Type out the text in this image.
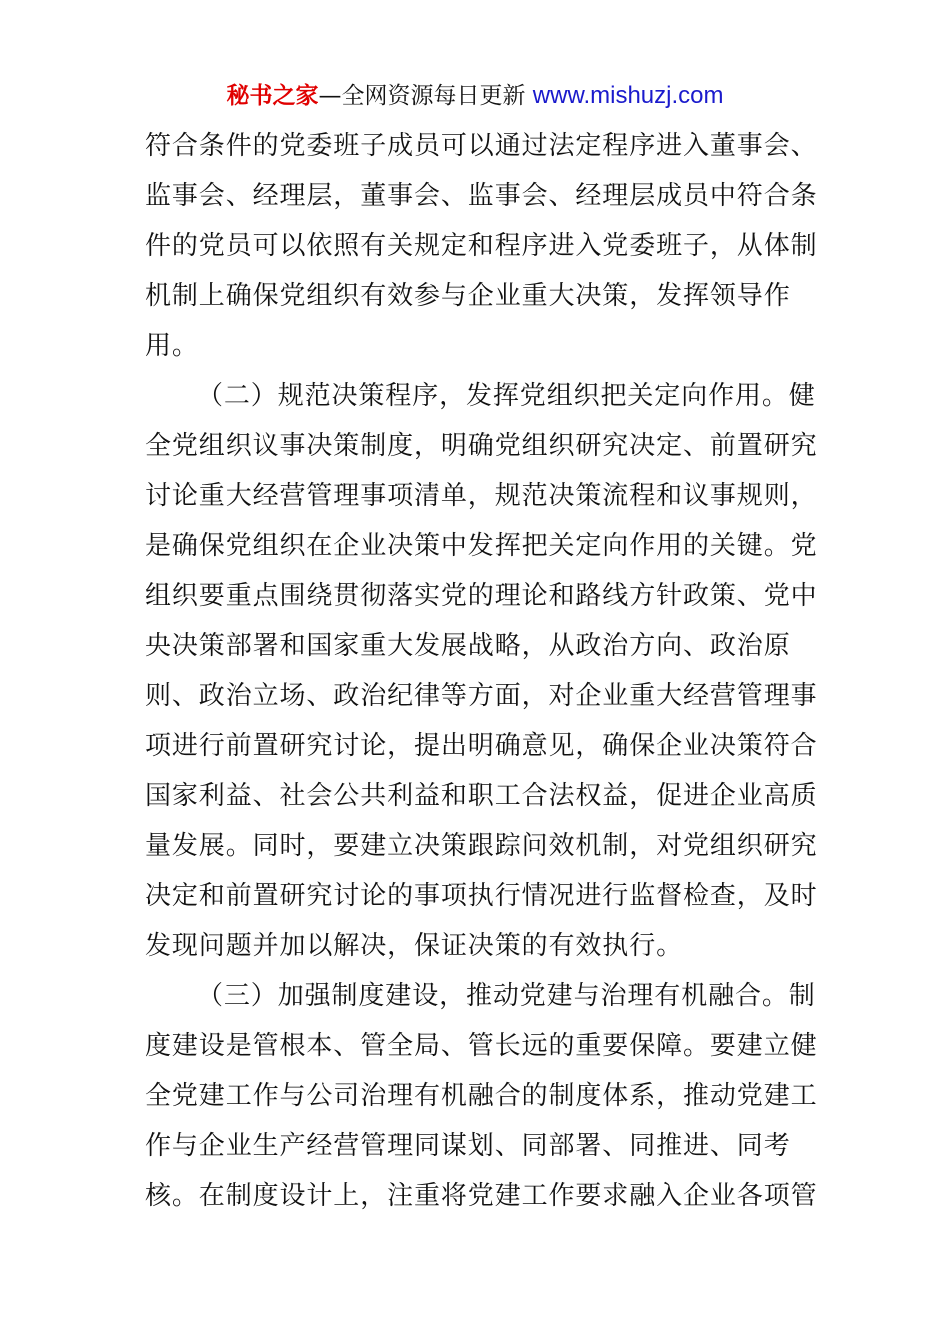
秘书之家—全网资源每日更新 www.mishuzj.com
符合条件的党委班子成员可以通过法定程序进入董事会、
监事会、经理层，董事会、监事会、经理层成员中符合条
件的党员可以依照有关规定和程序进入党委班子，从体制
机制上确保党组织有效参与企业重大决策，发挥领导作
用。
（二）规范决策程序，发挥党组织把关定向作用。健
全党组织议事决策制度，明确党组织研究决定、前置研究
讨论重大经营管理事项清单，规范决策流程和议事规则，
是确保党组织在企业决策中发挥把关定向作用的关键。党
组织要重点围绕贯彻落实党的理论和路线方针政策、党中
央决策部署和国家重大发展战略，从政治方向、政治原
则、政治立场、政治纪律等方面，对企业重大经营管理事
项进行前置研究讨论，提出明确意见，确保企业决策符合
国家利益、社会公共利益和职工合法权益，促进企业高质
量发展。同时，要建立决策跟踪问效机制，对党组织研究
决定和前置研究讨论的事项执行情况进行监督检查，及时
发现问题并加以解决，保证决策的有效执行。
（三）加强制度建设，推动党建与治理有机融合。制
度建设是管根本、管全局、管长远的重要保障。要建立健
全党建工作与公司治理有机融合的制度体系，推动党建工
作与企业生产经营管理同谋划、同部署、同推进、同考
核。在制度设计上，注重将党建工作要求融入企业各项管
